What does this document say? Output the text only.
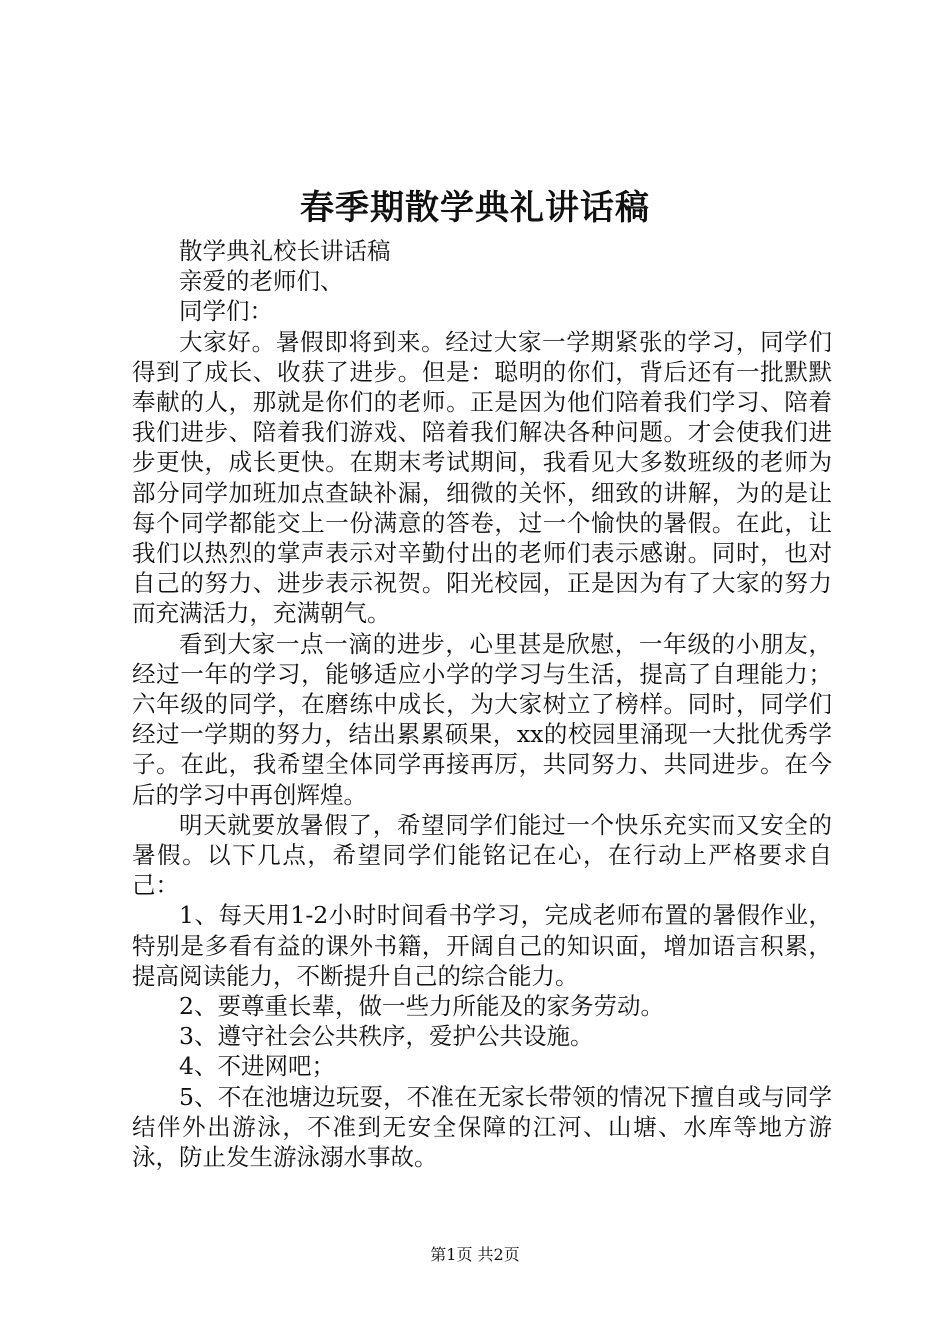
春季期散学典礼讲话稿

散学典礼校长讲话稿

亲爱的老师们、

同学们：

大家好。暑假即将到来。经过大家一学期紧张的学习，同学们得到了成长、收获了进步。但是：聪明的你们，背后还有一批默默奉献的人，那就是你们的老师。正是因为他们陪着我们学习、陪着我们进步、陪着我们游戏、陪着我们解决各种问题。才会使我们进步更快，成长更快。在期末考试期间，我看见大多数班级的老师为部分同学加班加点查缺补漏，细微的关怀，细致的讲解，为的是让每个同学都能交上一份满意的答卷，过一个愉快的暑假。在此，让我们以热烈的掌声表示对辛勤付出的老师们表示感谢。同时，也对自己的努力、进步表示祝贺。阳光校园，正是因为有了大家的努力而充满活力，充满朝气。

看到大家一点一滴的进步，心里甚是欣慰，一年级的小朋友，经过一年的学习，能够适应小学的学习与生活，提高了自理能力；六年级的同学，在磨练中成长，为大家树立了榜样。同时，同学们经过一学期的努力，结出累累硕果，xx的校园里涌现一大批优秀学子。在此，我希望全体同学再接再厉，共同努力、共同进步。在今后的学习中再创辉煌。

明天就要放暑假了，希望同学们能过一个快乐充实而又安全的暑假。以下几点，希望同学们能铭记在心，在行动上严格要求自己：

1、每天用1-2小时时间看书学习，完成老师布置的暑假作业，特别是多看有益的课外书籍，开阔自己的知识面，增加语言积累，提高阅读能力，不断提升自己的综合能力。

2、要尊重长辈，做一些力所能及的家务劳动。

3、遵守社会公共秩序，爱护公共设施。

4、不进网吧；

5、不在池塘边玩耍，不准在无家长带领的情况下擅自或与同学结伴外出游泳，不准到无安全保障的江河、山塘、水库等地方游泳，防止发生游泳溺水事故。

第1页 共2页
